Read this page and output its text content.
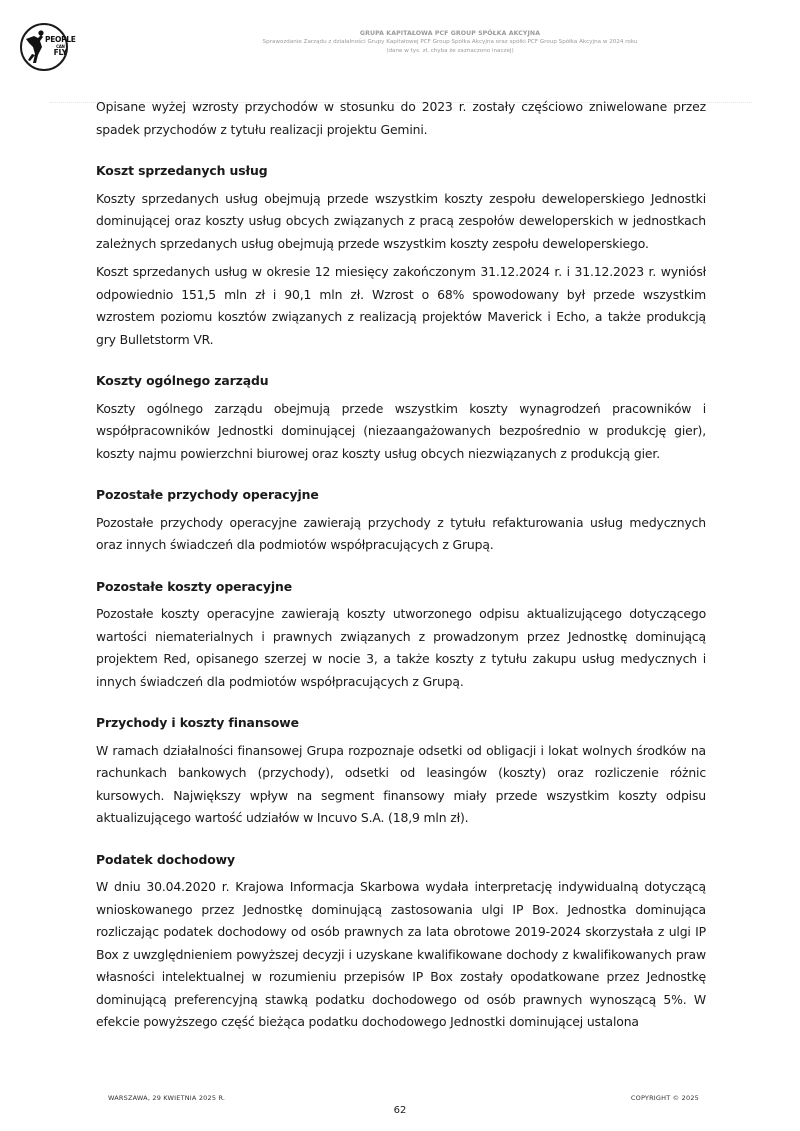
PEOPLE

CAN
FLY
GRUPA KAPITAŁOWA PCF GROUP SPÓŁKA AKCYJNA
Sprawozdanie Zarządu z działalności Grupy Kapitałowej PCF Group Spółka Akcyjna oraz spółki PCF Group Spółka Akcyjna w 2024 roku
(dane w tys. zł, chyba że zaznaczono inaczej)

Opisane wyżej wzrosty przychodów w stosunku do 2023 r. zostały częściowo zniwelowane przez spadek przychodów z tytułu realizacji projektu Gemini.

Koszt sprzedanych usług

Koszty sprzedanych usług obejmują przede wszystkim koszty zespołu deweloperskiego Jednostki dominującej oraz koszty usług obcych związanych z pracą zespołów deweloperskich w jednostkach zależnych sprzedanych usług obejmują przede wszystkim koszty zespołu deweloperskiego.

Koszt sprzedanych usług w okresie 12 miesięcy zakończonym 31.12.2024 r. i 31.12.2023 r. wyniósł odpowiednio 151,5 mln zł i 90,1 mln zł. Wzrost o 68% spowodowany był przede wszystkim wzrostem poziomu kosztów związanych z realizacją projektów Maverick i Echo, a także produkcją gry Bulletstorm VR.

Koszty ogólnego zarządu

Koszty ogólnego zarządu obejmują przede wszystkim koszty wynagrodzeń pracowników i współpracowników Jednostki dominującej (niezaangażowanych bezpośrednio w produkcję gier), koszty najmu powierzchni biurowej oraz koszty usług obcych niezwiązanych z produkcją gier.

Pozostałe przychody operacyjne

Pozostałe przychody operacyjne zawierają przychody z tytułu refakturowania usług medycznych oraz innych świadczeń dla podmiotów współpracujących z Grupą.

Pozostałe koszty operacyjne

Pozostałe koszty operacyjne zawierają koszty utworzonego odpisu aktualizującego dotyczącego wartości niematerialnych i prawnych związanych z prowadzonym przez Jednostkę dominującą projektem Red, opisanego szerzej w nocie 3, a także koszty z tytułu zakupu usług medycznych i innych świadczeń dla podmiotów współpracujących z Grupą.

Przychody i koszty finansowe

W ramach działalności finansowej Grupa rozpoznaje odsetki od obligacji i lokat wolnych środków na rachunkach bankowych (przychody), odsetki od leasingów (koszty) oraz rozliczenie różnic kursowych. Największy wpływ na segment finansowy miały przede wszystkim koszty odpisu aktualizującego wartość udziałów w Incuvo S.A. (18,9 mln zł).

Podatek dochodowy

W dniu 30.04.2020 r. Krajowa Informacja Skarbowa wydała interpretację indywidualną dotyczącą wnioskowanego przez Jednostkę dominującą zastosowania ulgi IP Box. Jednostka dominująca rozliczając podatek dochodowy od osób prawnych za lata obrotowe 2019-2024 skorzystała z ulgi IP Box z uwzględnieniem powyższej decyzji i uzyskane kwalifikowane dochody z kwalifikowanych praw własności intelektualnej w rozumieniu przepisów IP Box zostały opodatkowane przez Jednostkę dominującą preferencyjną stawką podatku dochodowego od osób prawnych wynoszącą 5%. W efekcie powyższego część bieżąca podatku dochodowego Jednostki dominującej ustalona

WARSZAWA, 29 KWIETNIA 2025 R.	COPYRIGHT © 2025
62
